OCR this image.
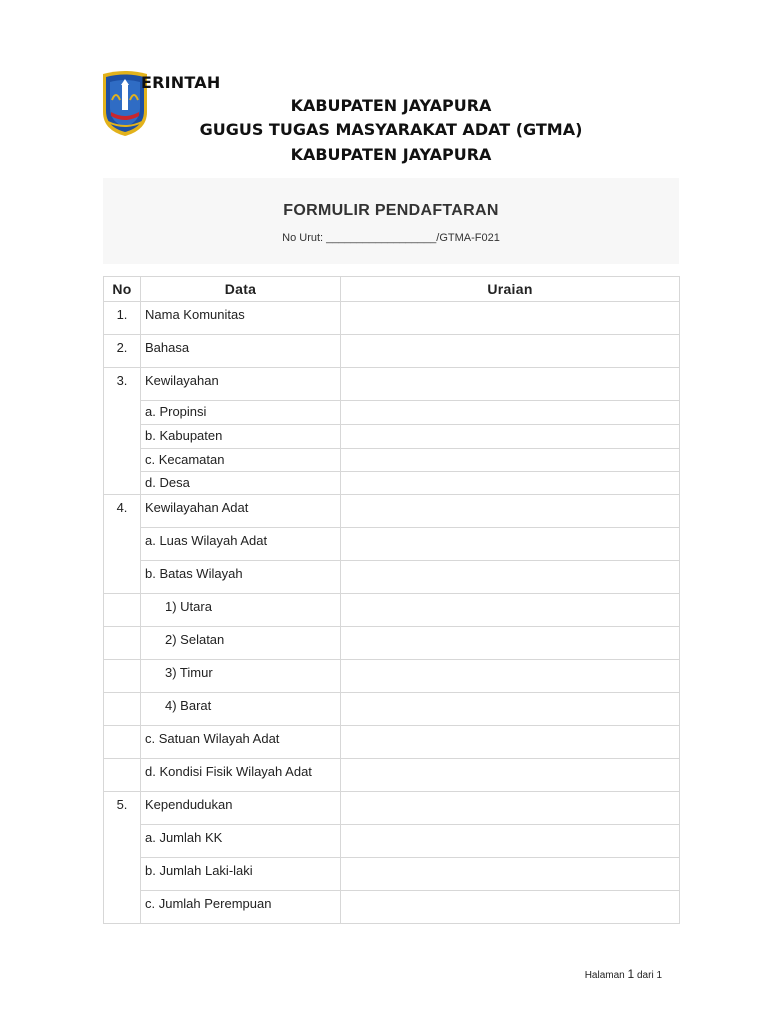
ERINTAH
KABUPATEN JAYAPURA
GUGUS TUGAS MASYARAKAT ADAT (GTMA)
KABUPATEN JAYAPURA
FORMULIR PENDAFTARAN
No Urut: __________________/GTMA-F021
No	Data	Uraian
1.	Nama Komunitas	
2.	Bahasa	
3.	Kewilayahan	
	a. Propinsi	
	b. Kabupaten	
	c. Kecamatan	
	d. Desa	
4.	Kewilayahan Adat	
	a. Luas Wilayah Adat	
	b. Batas Wilayah	
	1) Utara	
	2) Selatan	
	3) Timur	
	4) Barat	
	c. Satuan Wilayah Adat	
	d. Kondisi Fisik Wilayah Adat	
5.	Kependudukan	
	a. Jumlah KK	
	b. Jumlah Laki-laki	
	c. Jumlah Perempuan	
Halaman 1 dari 1
